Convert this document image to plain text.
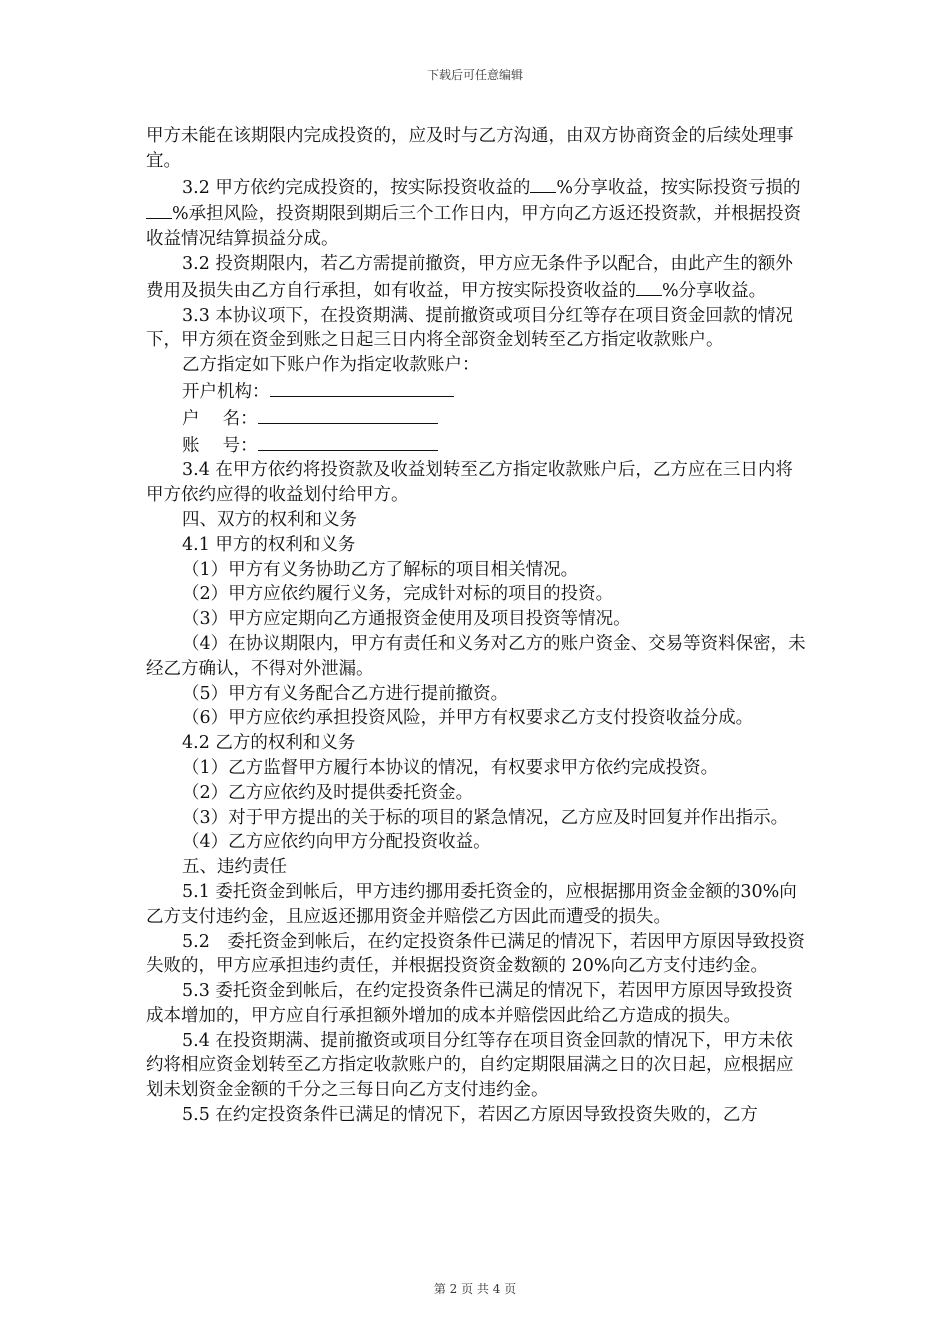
下载后可任意编辑

甲方未能在该期限内完成投资的，应及时与乙方沟通，由双方协商资金的后续处理事宜。

3.2 甲方依约完成投资的，按实际投资收益的 %分享收益，按实际投资亏损的%承担风险，投资期限到期后三个工作日内，甲方向乙方返还投资款，并根据投资收益情况结算损益分成。

3.2 投资期限内，若乙方需提前撤资，甲方应无条件予以配合，由此产生的额外费用及损失由乙方自行承担，如有收益，甲方按实际投资收益的 %分享收益。

3.3 本协议项下，在投资期满、提前撤资或项目分红等存在项目资金回款的情况下，甲方须在资金到账之日起三日内将全部资金划转至乙方指定收款账户。

乙方指定如下账户作为指定收款账户：

开户机构：

户　 名：

账　 号：

3.4 在甲方依约将投资款及收益划转至乙方指定收款账户后，乙方应在三日内将甲方依约应得的收益划付给甲方。

四、双方的权利和义务

4.1 甲方的权利和义务

（1）甲方有义务协助乙方了解标的项目相关情况。

（2）甲方应依约履行义务，完成针对标的项目的投资。

（3）甲方应定期向乙方通报资金使用及项目投资等情况。

（4）在协议期限内，甲方有责任和义务对乙方的账户资金、交易等资料保密，未经乙方确认，不得对外泄漏。

（5）甲方有义务配合乙方进行提前撤资。

（6）甲方应依约承担投资风险，并甲方有权要求乙方支付投资收益分成。

4.2 乙方的权利和义务

（1）乙方监督甲方履行本协议的情况，有权要求甲方依约完成投资。

（2）乙方应依约及时提供委托资金。

（3）对于甲方提出的关于标的项目的紧急情况，乙方应及时回复并作出指示。

（4）乙方应依约向甲方分配投资收益。

五、违约责任

5.1 委托资金到帐后，甲方违约挪用委托资金的，应根据挪用资金金额的30%向乙方支付违约金，且应返还挪用资金并赔偿乙方因此而遭受的损失。

5.2　委托资金到帐后，在约定投资条件已满足的情况下，若因甲方原因导致投资失败的，甲方应承担违约责任，并根据投资资金数额的 20%向乙方支付违约金。

5.3 委托资金到帐后，在约定投资条件已满足的情况下，若因甲方原因导致投资成本增加的，甲方应自行承担额外增加的成本并赔偿因此给乙方造成的损失。

5.4 在投资期满、提前撤资或项目分红等存在项目资金回款的情况下，甲方未依约将相应资金划转至乙方指定收款账户的，自约定期限届满之日的次日起，应根据应划未划资金金额的千分之三每日向乙方支付违约金。

5.5 在约定投资条件已满足的情况下，若因乙方原因导致投资失败的，乙方

第 2 页 共 4 页
